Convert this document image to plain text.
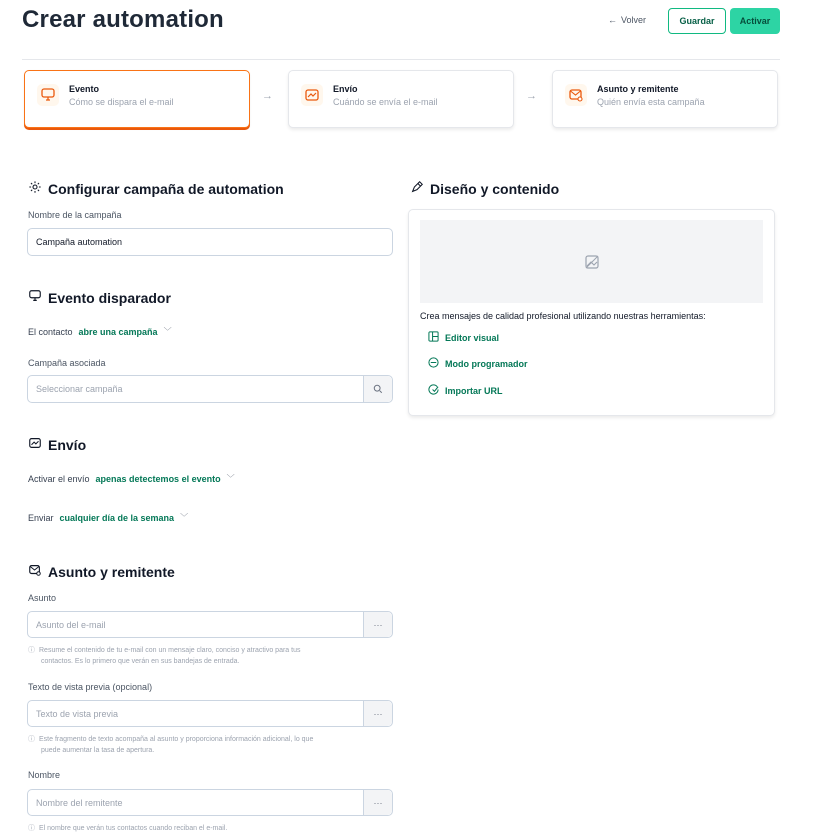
Crear automation	← Volver	Guardar	Activar
Evento
Cómo se dispara el e-mail	→
Envío
Cuándo se envía el e-mail	→
Asunto y remitente
Quién envía esta campaña
Configurar campaña de automation
Nombre de la campaña
Campaña automation
Evento disparador
El contacto abre una campaña ﹀
Campaña asociada
Seleccionar campaña
Envío
Activar el envío apenas detectemos el evento ﹀
Enviar cualquier día de la semana ﹀
Asunto y remitente
Asunto
Asunto del e-mail	···
ⓘ Resume el contenido de tu e-mail con un mensaje claro, conciso y atractivo para tus
contactos. Es lo primero que verán en sus bandejas de entrada.
Texto de vista previa (opcional)
Texto de vista previa	···
ⓘ Este fragmento de texto acompaña al asunto y proporciona información adicional, lo que
puede aumentar la tasa de apertura.
Nombre
Nombre del remitente	···
ⓘ El nombre que verán tus contactos cuando reciban el e-mail.
Diseño y contenido
Crea mensajes de calidad profesional utilizando nuestras herramientas:
Editor visual
Modo programador
Importar URL
